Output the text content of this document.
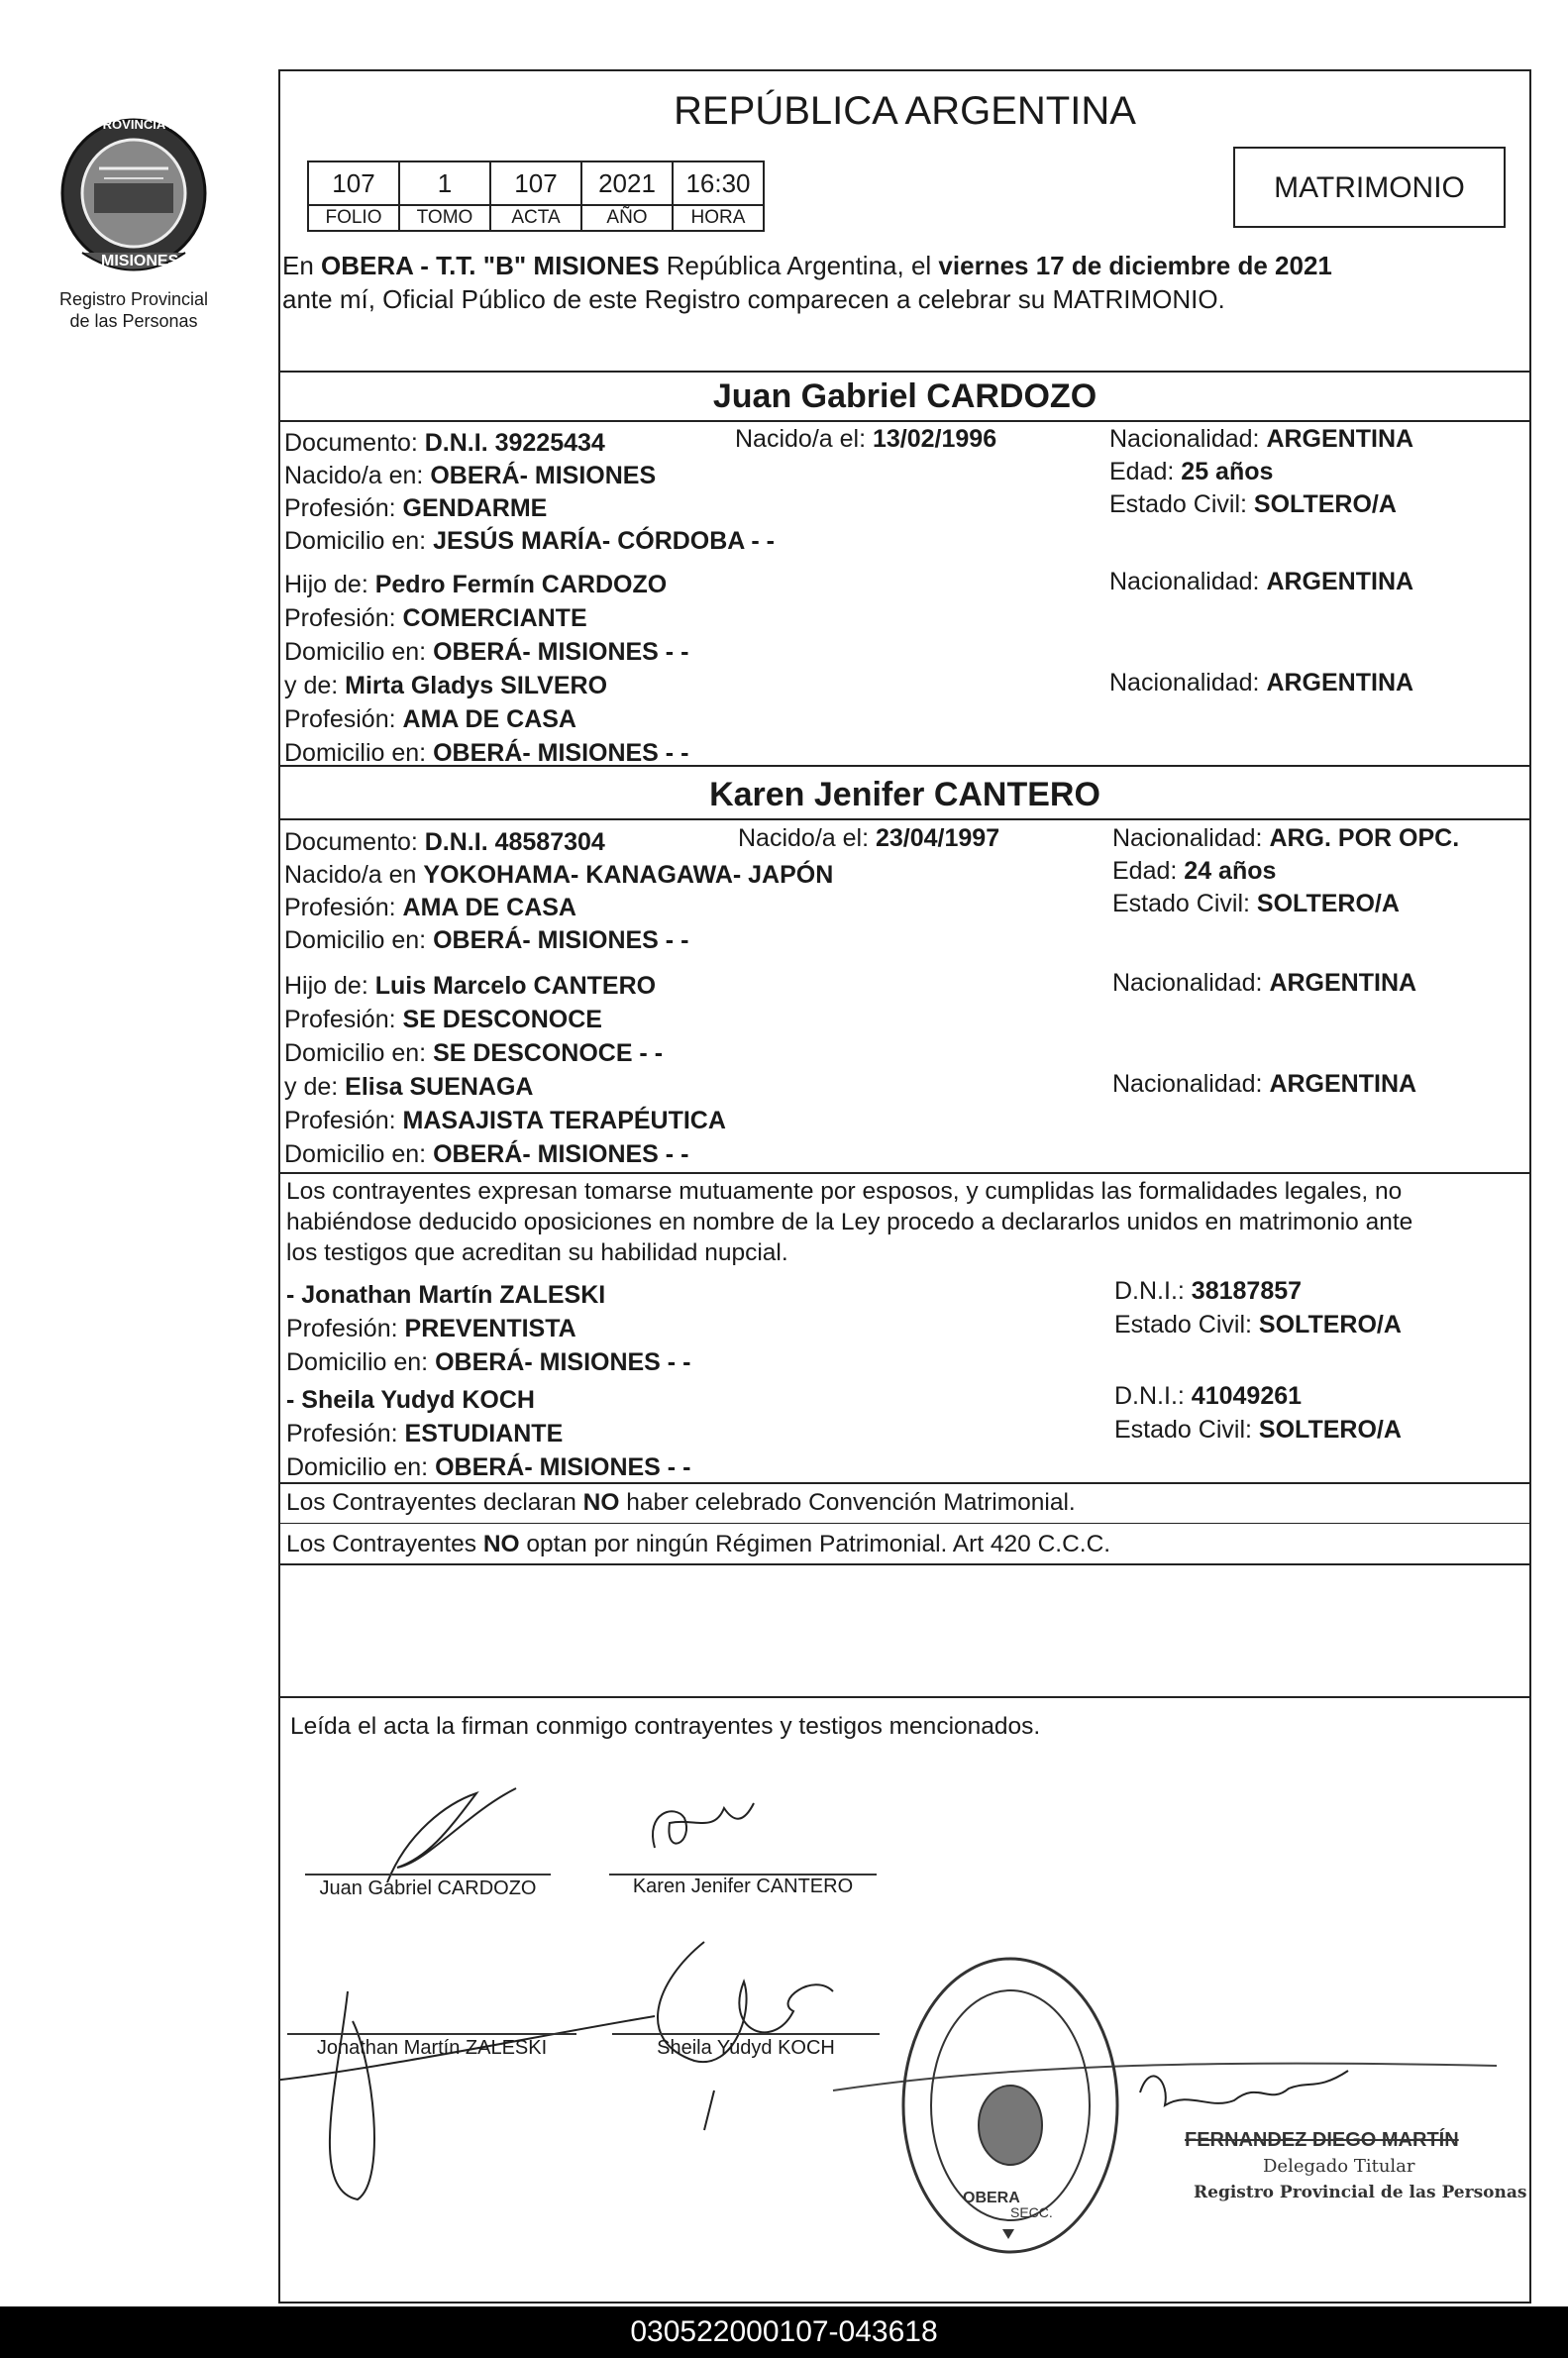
PROVINCIA DE
MISIONES
Registro Provincial
de las Personas
REPÚBLICA ARGENTINA
107	1	107	2021	16:30
FOLIO	TOMO	ACTA	AÑO	HORA
MATRIMONIO
En OBERA - T.T. "B" MISIONES República Argentina, el viernes 17 de diciembre de 2021
ante mí, Oficial Público de este Registro comparecen a celebrar su MATRIMONIO.
Juan Gabriel CARDOZO
Documento: D.N.I. 39225434	Nacido/a el: 13/02/1996	Nacionalidad: ARGENTINA
Nacido/a en: OBERÁ- MISIONES	Edad: 25 años
Profesión: GENDARME	Estado Civil: SOLTERO/A
Domicilio en: JESÚS MARÍA- CÓRDOBA - -
Hijo de: Pedro Fermín CARDOZO	Nacionalidad: ARGENTINA
Profesión: COMERCIANTE
Domicilio en: OBERÁ- MISIONES - -
y de: Mirta Gladys SILVERO	Nacionalidad: ARGENTINA
Profesión: AMA DE CASA
Domicilio en: OBERÁ- MISIONES - -
Karen Jenifer CANTERO
Documento: D.N.I. 48587304	Nacido/a el: 23/04/1997	Nacionalidad: ARG. POR OPC.
Nacido/a en YOKOHAMA- KANAGAWA- JAPÓN	Edad: 24 años
Profesión: AMA DE CASA	Estado Civil: SOLTERO/A
Domicilio en: OBERÁ- MISIONES - -
Hijo de: Luis Marcelo CANTERO	Nacionalidad: ARGENTINA
Profesión: SE DESCONOCE
Domicilio en: SE DESCONOCE - -
y de: Elisa SUENAGA	Nacionalidad: ARGENTINA
Profesión: MASAJISTA TERAPÉUTICA
Domicilio en: OBERÁ- MISIONES - -
Los contrayentes expresan tomarse mutuamente por esposos, y cumplidas las formalidades legales, no
habiéndose deducido oposiciones en nombre de la Ley procedo a declararlos unidos en matrimonio ante
los testigos que acreditan su habilidad nupcial.
- Jonathan Martín ZALESKI	D.N.I.: 38187857
Profesión: PREVENTISTA	Estado Civil: SOLTERO/A
Domicilio en: OBERÁ- MISIONES - -
- Sheila Yudyd KOCH	D.N.I.: 41049261
Profesión: ESTUDIANTE	Estado Civil: SOLTERO/A
Domicilio en: OBERÁ- MISIONES - -
Los Contrayentes declaran NO haber celebrado Convención Matrimonial.
Los Contrayentes NO optan por ningún Régimen Patrimonial. Art 420 C.C.C.
Leída el acta la firman conmigo contrayentes y testigos mencionados.
Juan Gabriel CARDOZO	Karen Jenifer CANTERO
Jonathan Martín ZALESKI	Sheila Yudyd KOCH
OBERA
SECC.
FERNANDEZ DIEGO MARTÍN
Delegado Titular
Registro Provincial de las Personas
030522000107-043618
